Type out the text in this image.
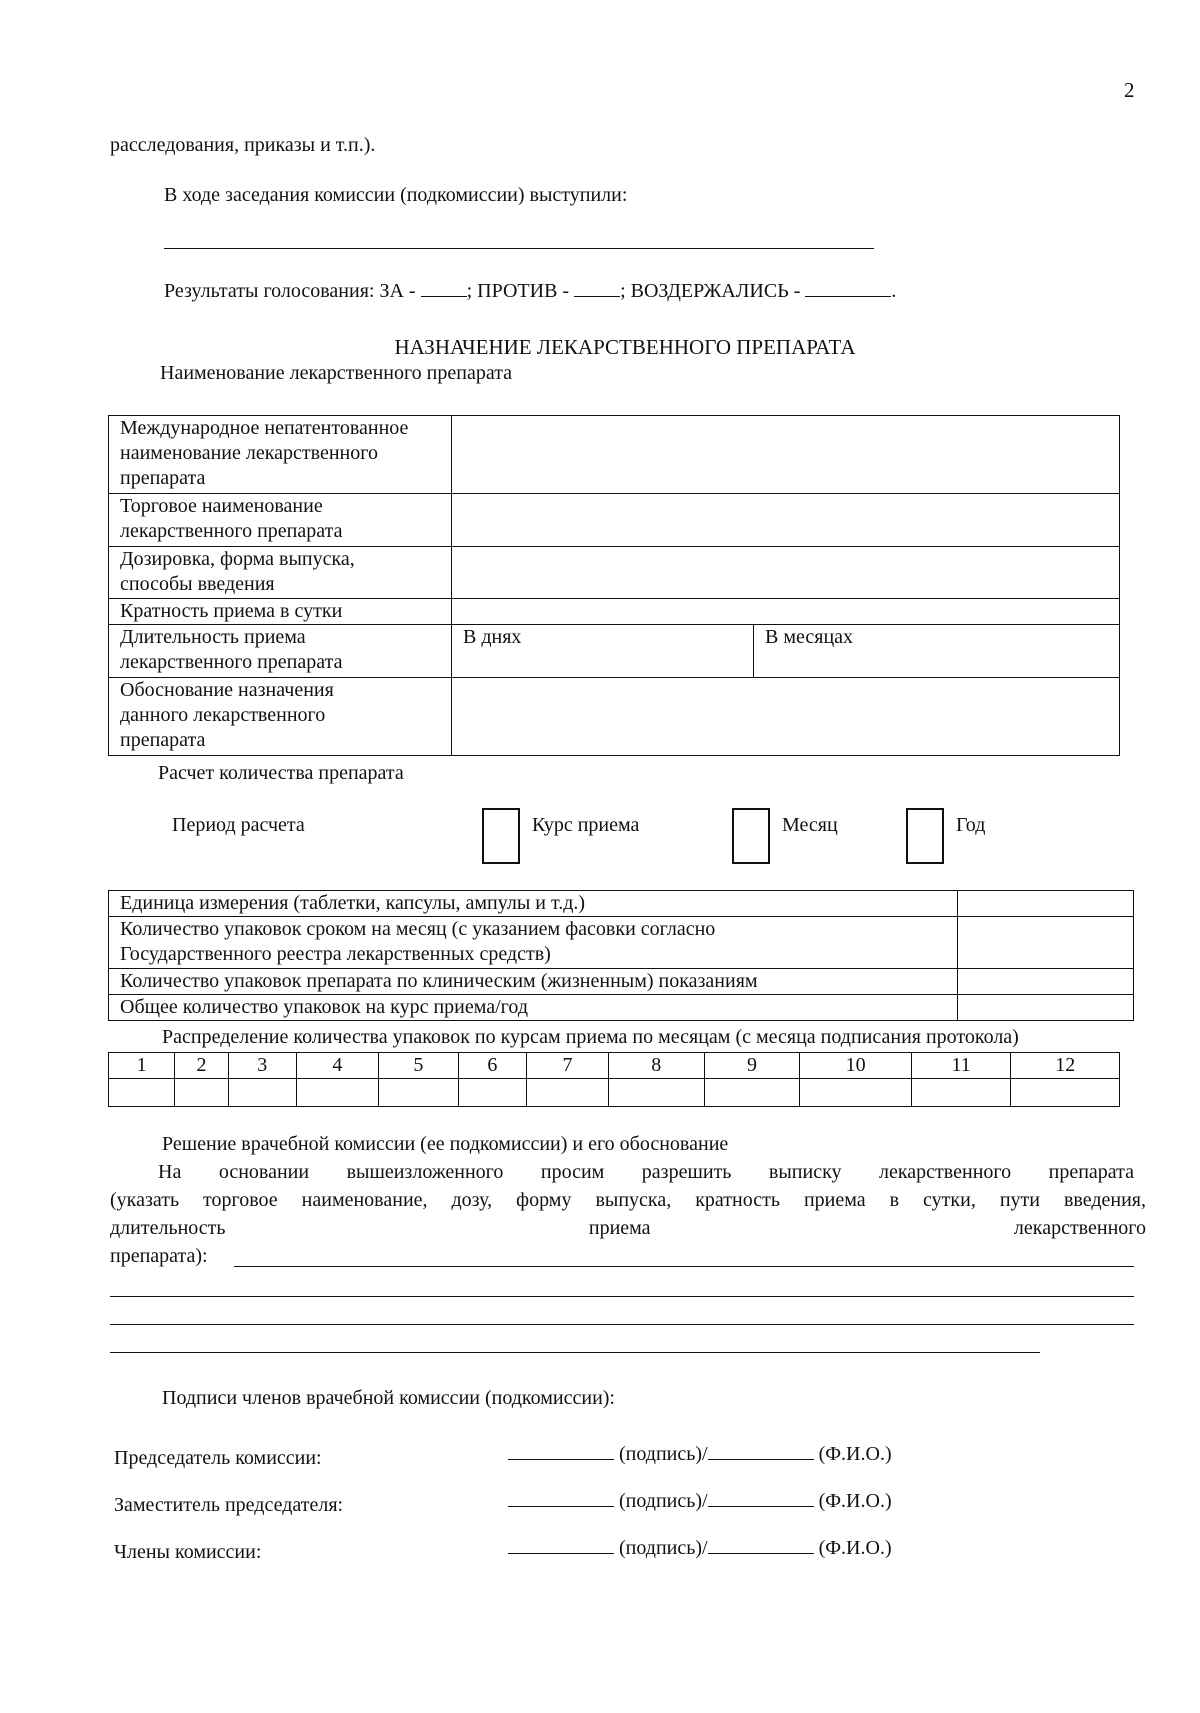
2
расследования, приказы и т.п.).
В ходе заседания комиссии (подкомиссии) выступили:
Результаты голосования: ЗА -	; ПРОТИВ -	; ВОЗДЕРЖАЛИСЬ -	.
НАЗНАЧЕНИЕ ЛЕКАРСТВЕННОГО ПРЕПАРАТА
Наименование лекарственного препарата
Международное непатентованное наименование лекарственного препарата		

Торговое наименование лекарственного препарата		

Дозировка, форма выпуска, способы введения		

Кратность приема в сутки		

Длительность приема лекарственного препарата	В днях	В месяцах

Обоснование назначения данного лекарственного препарата		

Расчет количества препарата
Период расчета	Курс приема	Месяц	Год
Единица измерения (таблетки, капсулы, ампулы и т.д.)	

Количество упаковок сроком на месяц (с указанием фасовки согласно Государственного реестра лекарственных средств)	

Количество упаковок препарата по клиническим (жизненным) показаниям	
Общее количество упаковок на курс приема/год	
Распределение количества упаковок по курсам приема по месяцам (с месяца подписания протокола)
1	2	3	4	5	6	7	8	9	10	11	12

Решение врачебной комиссии (ее подкомиссии) и его обоснование
На основании вышеизложенного просим разрешить выписку лекарственного препарата
(указать торговое наименование, дозу, форму выпуска, кратность приема в сутки, пути введения,
длительность приема лекарственного
препарата):
Подписи членов врачебной комиссии (подкомиссии):
Председатель комиссии:	(подпись)/	(Ф.И.О.)
Заместитель председателя:	(подпись)/	(Ф.И.О.)
Члены комиссии:	(подпись)/	(Ф.И.О.)
